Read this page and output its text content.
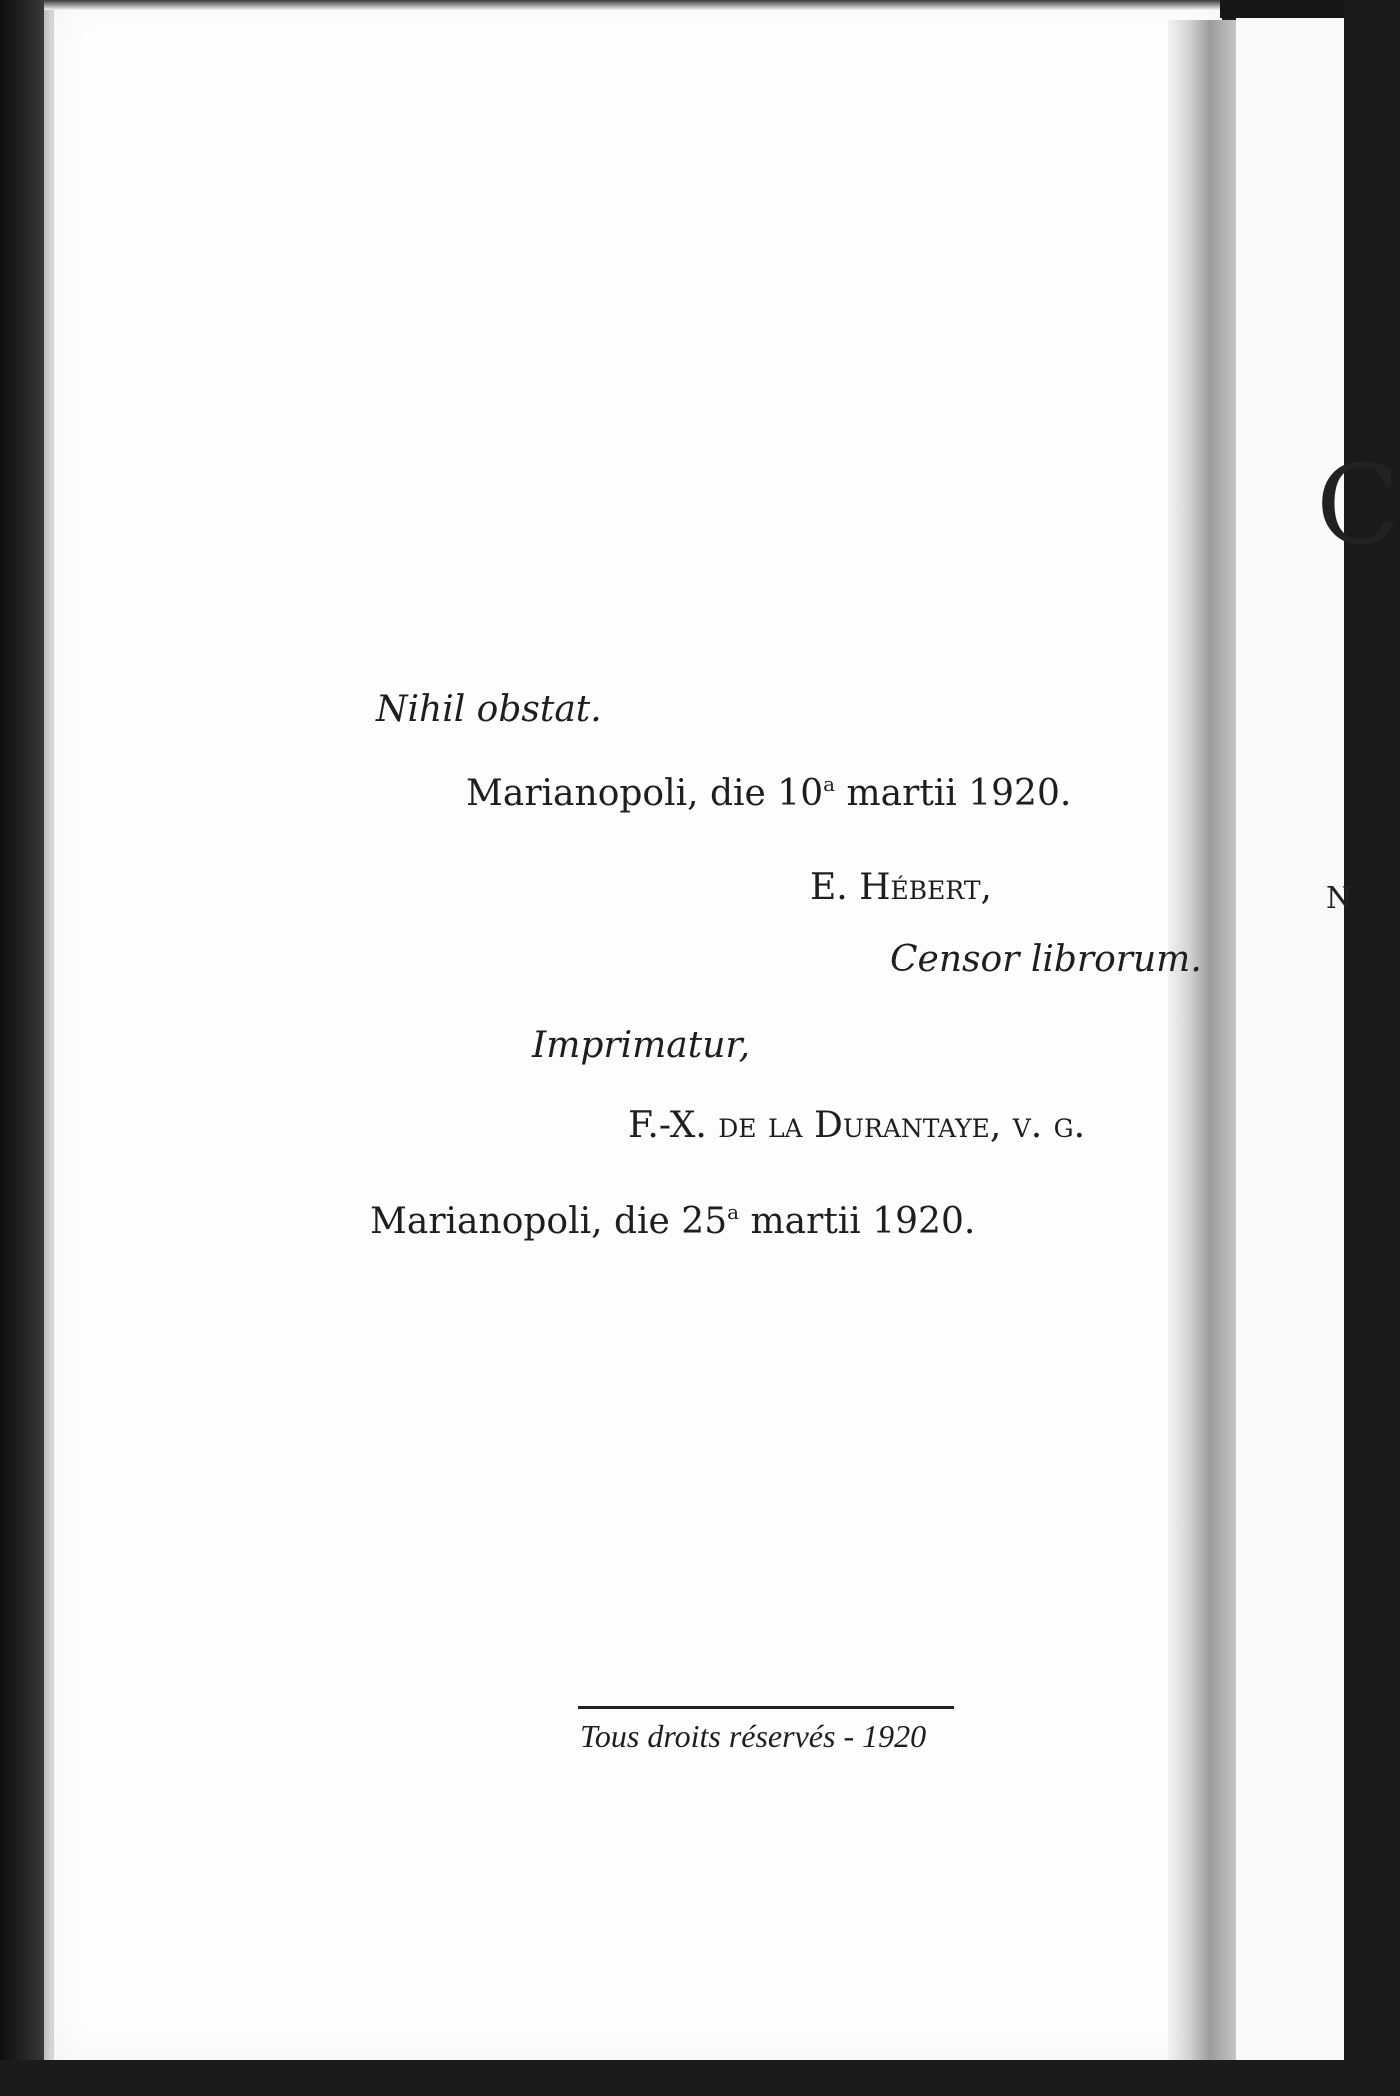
C
N
Nihil obstat.
Marianopoli, die 10$^a$ martii 1920.
E. Hébert,
Censor librorum.
Imprimatur,
F.-X. de la Durantaye, v. g.
Marianopoli, die 25$^a$ martii 1920.
Tous droits réservés - 1920
